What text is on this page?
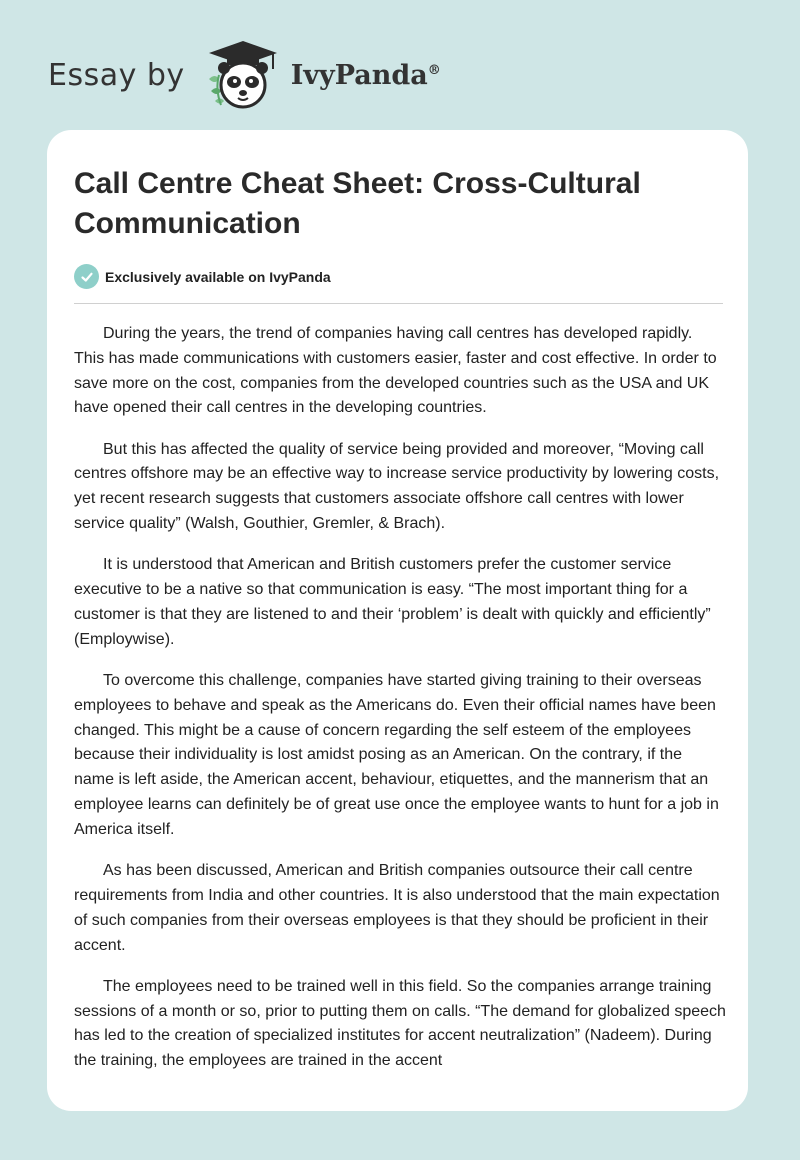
Essay by	IvyPanda®
Call Centre Cheat Sheet: Cross-Cultural Communication
Exclusively available on IvyPanda

During the years, the trend of companies having call centres has developed rapidly. This has made communications with customers easier, faster and cost effective. In order to save more on the cost, companies from the developed countries such as the USA and UK have opened their call centres in the developing countries.

But this has affected the quality of service being provided and moreover, “Moving call centres offshore may be an effective way to increase service productivity by lowering costs, yet recent research suggests that customers associate offshore call centres with lower service quality” (Walsh, Gouthier, Gremler, & Brach).

It is understood that American and British customers prefer the customer service executive to be a native so that communication is easy. “The most important thing for a customer is that they are listened to and their ‘problem’ is dealt with quickly and efficiently” (Employwise).

To overcome this challenge, companies have started giving training to their overseas employees to behave and speak as the Americans do. Even their official names have been changed. This might be a cause of concern regarding the self esteem of the employees because their individuality is lost amidst posing as an American. On the contrary, if the name is left aside, the American accent, behaviour, etiquettes, and the mannerism that an employee learns can definitely be of great use once the employee wants to hunt for a job in America itself.

As has been discussed, American and British companies outsource their call centre requirements from India and other countries. It is also understood that the main expectation of such companies from their overseas employees is that they should be proficient in their accent.

The employees need to be trained well in this field. So the companies arrange training sessions of a month or so, prior to putting them on calls. “The demand for globalized speech has led to the creation of specialized institutes for accent neutralization” (Nadeem). During the training, the employees are trained in the accent
